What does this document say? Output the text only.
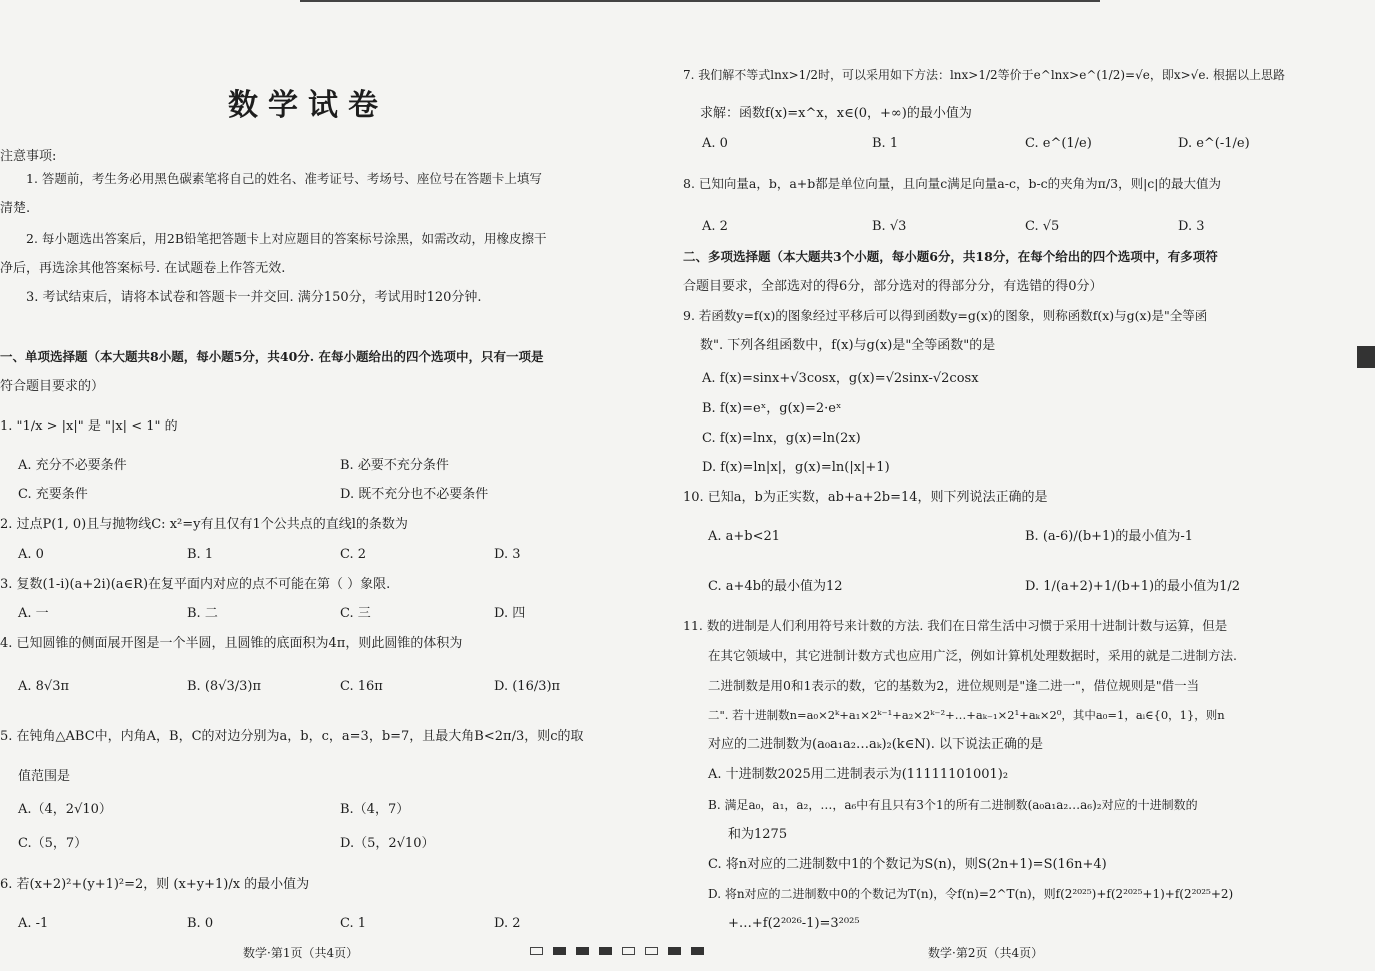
数学试卷
注意事项:
1. 答题前，考生务必用黑色碳素笔将自己的姓名、准考证号、考场号、座位号在答题卡上填写
清楚.
2. 每小题选出答案后，用2B铅笔把答题卡上对应题目的答案标号涂黑，如需改动，用橡皮擦干
净后，再选涂其他答案标号. 在试题卷上作答无效.
3. 考试结束后，请将本试卷和答题卡一并交回. 满分150分，考试用时120分钟.
一、单项选择题（本大题共8小题，每小题5分，共40分. 在每小题给出的四个选项中，只有一项是
符合题目要求的）
1. "1/x > |x|" 是 "|x| < 1" 的
A. 充分不必要条件	B. 必要不充分条件
C. 充要条件	D. 既不充分也不必要条件
2. 过点P(1, 0)且与抛物线C: x²=y有且仅有1个公共点的直线l的条数为
A. 0	B. 1	C. 2	D. 3
3. 复数(1-i)(a+2i)(a∈R)在复平面内对应的点不可能在第（ ）象限.
A. 一	B. 二	C. 三	D. 四
4. 已知圆锥的侧面展开图是一个半圆，且圆锥的底面积为4π，则此圆锥的体积为
A. 8√3π	B. (8√3/3)π	C. 16π	D. (16/3)π
5. 在钝角△ABC中，内角A，B，C的对边分别为a，b，c，a=3，b=7，且最大角B<2π/3，则c的取
值范围是
A.（4，2√10）	B.（4，7）
C.（5，7）	D.（5，2√10）
6. 若(x+2)²+(y+1)²=2，则 (x+y+1)/x 的最小值为
A. -1	B. 0	C. 1	D. 2
数学·第1页（共4页）	数学·第2页（共4页）
7. 我们解不等式lnx>1/2时，可以采用如下方法：lnx>1/2等价于e^lnx>e^(1/2)=√e，即x>√e. 根据以上思路
求解：函数f(x)=x^x，x∈(0，+∞)的最小值为
A. 0	B. 1	C. e^(1/e)	D. e^(-1/e)
8. 已知向量a，b，a+b都是单位向量，且向量c满足向量a-c，b-c的夹角为π/3，则|c|的最大值为
A. 2	B. √3	C. √5	D. 3
二、多项选择题（本大题共3个小题，每小题6分，共18分，在每个给出的四个选项中，有多项符
合题目要求，全部选对的得6分，部分选对的得部分分，有选错的得0分）
9. 若函数y=f(x)的图象经过平移后可以得到函数y=g(x)的图象，则称函数f(x)与g(x)是"全等函
数". 下列各组函数中，f(x)与g(x)是"全等函数"的是
A. f(x)=sinx+√3cosx，g(x)=√2sinx-√2cosx
B. f(x)=eˣ，g(x)=2·eˣ
C. f(x)=lnx，g(x)=ln(2x)
D. f(x)=ln|x|，g(x)=ln(|x|+1)
10. 已知a，b为正实数，ab+a+2b=14，则下列说法正确的是
A. a+b<21	B. (a-6)/(b+1)的最小值为-1
C. a+4b的最小值为12	D. 1/(a+2)+1/(b+1)的最小值为1/2
11. 数的进制是人们利用符号来计数的方法. 我们在日常生活中习惯于采用十进制计数与运算，但是
在其它领域中，其它进制计数方式也应用广泛，例如计算机处理数据时，采用的就是二进制方法.
二进制数是用0和1表示的数，它的基数为2，进位规则是"逢二进一"，借位规则是"借一当
二". 若十进制数n=a₀×2ᵏ+a₁×2ᵏ⁻¹+a₂×2ᵏ⁻²+…+aₖ₋₁×2¹+aₖ×2⁰，其中a₀=1，aᵢ∈{0，1}，则n
对应的二进制数为(a₀a₁a₂…aₖ)₂(k∈N). 以下说法正确的是
A. 十进制数2025用二进制表示为(11111101001)₂
B. 满足a₀，a₁，a₂，…，a₆中有且只有3个1的所有二进制数(a₀a₁a₂…a₆)₂对应的十进制数的
和为1275
C. 将n对应的二进制数中1的个数记为S(n)，则S(2n+1)=S(16n+4)
D. 将n对应的二进制数中0的个数记为T(n)，令f(n)=2^T(n)，则f(2²⁰²⁵)+f(2²⁰²⁵+1)+f(2²⁰²⁵+2)
+…+f(2²⁰²⁶-1)=3²⁰²⁵
